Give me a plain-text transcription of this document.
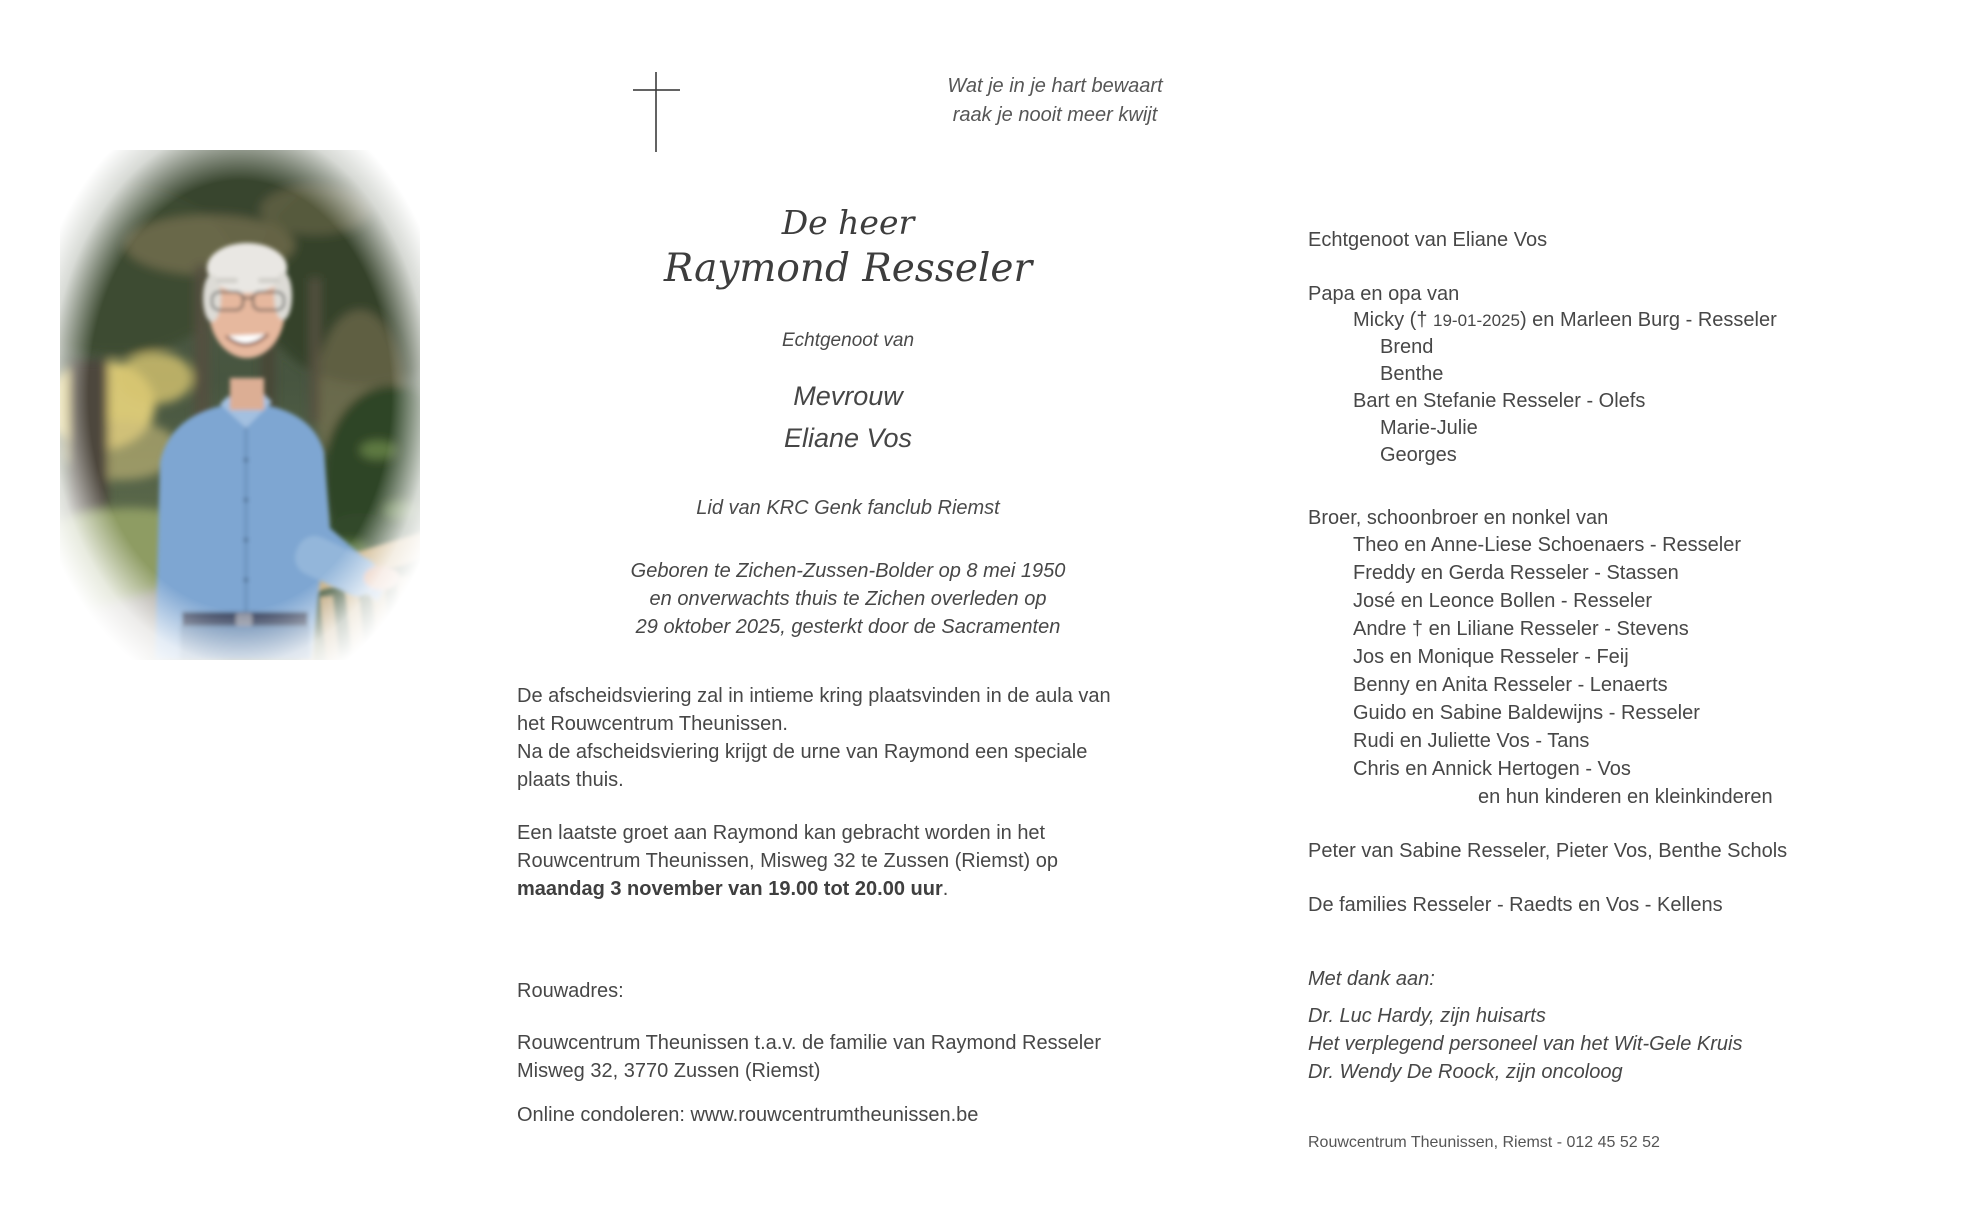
Wat je in je hart bewaart
raak je nooit meer kwijt
De heer
Raymond Resseler
Echtgenoot van
Mevrouw
Eliane Vos
Lid van KRC Genk fanclub Riemst
Geboren te Zichen-Zussen-Bolder op 8 mei 1950
en onverwachts thuis te Zichen overleden op
29 oktober 2025, gesterkt door de Sacramenten
De afscheidsviering zal in intieme kring plaatsvinden in de aula van
het Rouwcentrum Theunissen.
Na de afscheidsviering krijgt de urne van Raymond een speciale
plaats thuis.
Een laatste groet aan Raymond kan gebracht worden in het
Rouwcentrum Theunissen, Misweg 32 te Zussen (Riemst) op
maandag 3 november van 19.00 tot 20.00 uur.
Rouwadres:
Rouwcentrum Theunissen t.a.v. de familie van Raymond Resseler
Misweg 32, 3770 Zussen (Riemst)
Online condoleren: www.rouwcentrumtheunissen.be
Echtgenoot van Eliane Vos
Papa en opa van
Micky († 19-01-2025) en Marleen Burg - Resseler
Brend
Benthe
Bart en Stefanie Resseler - Olefs
Marie-Julie
Georges
Broer, schoonbroer en nonkel van
Theo en Anne-Liese Schoenaers - Resseler
Freddy en Gerda Resseler - Stassen
José en Leonce Bollen - Resseler
Andre † en Liliane Resseler - Stevens
Jos en Monique Resseler - Feij
Benny en Anita Resseler - Lenaerts
Guido en Sabine Baldewijns - Resseler
Rudi en Juliette Vos - Tans
Chris en Annick Hertogen - Vos
en hun kinderen en kleinkinderen
Peter van Sabine Resseler, Pieter Vos, Benthe Schols
De families Resseler - Raedts en Vos - Kellens
Met dank aan:
Dr. Luc Hardy, zijn huisarts
Het verplegend personeel van het Wit-Gele Kruis
Dr. Wendy De Roock, zijn oncoloog
Rouwcentrum Theunissen, Riemst - 012 45 52 52
